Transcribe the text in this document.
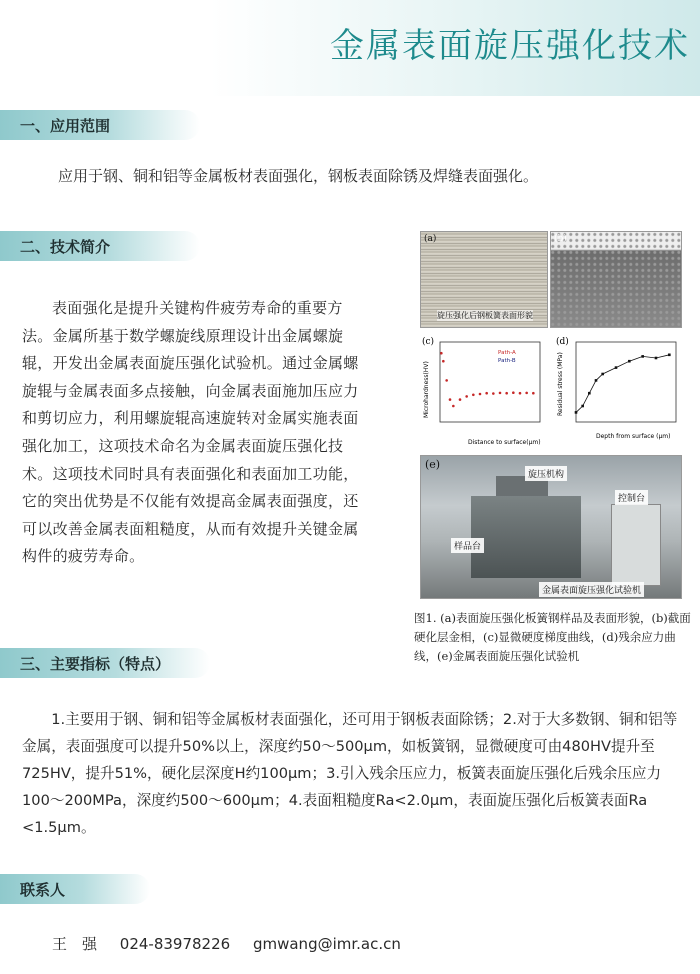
金属表面旋压强化技术
一、应用范围
应用于钢、铜和铝等金属板材表面强化，钢板表面除锈及焊缝表面强化。
二、技术简介
表面强化是提升关键构件疲劳寿命的重要方法。金属所基于数学螺旋线原理设计出金属螺旋辊，开发出金属表面旋压强化试验机。通过金属螺旋辊与金属表面多点接触，向金属表面施加压应力和剪切应力，利用螺旋辊高速旋转对金属实施表面强化加工，这项技术命名为金属表面旋压强化技术。这项技术同时具有表面强化和表面加工功能，它的突出优势是不仅能有效提高金属表面强度，还可以改善金属表面粗糙度，从而有效提升关键金属构件的疲劳寿命。
(a)
旋压强化后钢板簧表面形貌
(b)
(c)
Distance to surface(μm)
Microhardness(HV)
Path-A
Path-B
(d)
Depth from surface (μm)
Residual stress (MPa)
(e)
旋压机构
控制台
样品台
金属表面旋压强化试验机
图1. (a)表面旋压强化板簧钢样品及表面形貌，(b)截面硬化层金相，(c)显微硬度梯度曲线，(d)残余应力曲线，(e)金属表面旋压强化试验机
三、主要指标（特点）
1.主要用于钢、铜和铝等金属板材表面强化，还可用于钢板表面除锈；2.对于大多数钢、铜和铝等金属，表面强度可以提升50%以上，深度约50～500μm，如板簧钢，显微硬度可由480HV提升至725HV，提升51%，硬化层深度H约100μm；3.引入残余压应力，板簧表面旋压强化后残余压应力100～200MPa，深度约500～600μm；4.表面粗糙度Ra<2.0μm，表面旋压强化后板簧表面Ra <1.5μm。
联系人
王　强 024-83978226 gmwang@imr.ac.cn
